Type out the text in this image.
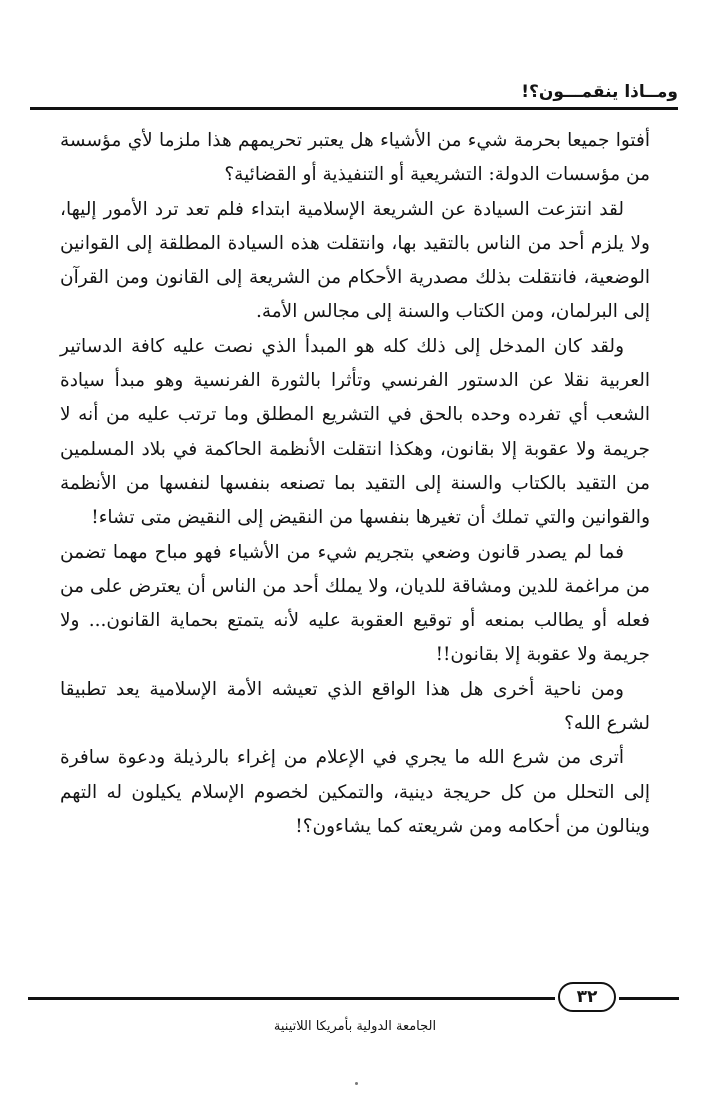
ومــاذا ينقمـــون؟!

أفتوا جميعا بحرمة شيء من الأشياء هل يعتبر تحريمهم هذا ملزما لأي مؤسسة من مؤسسات الدولة: التشريعية أو التنفيذية أو القضائية؟

لقد انتزعت السيادة عن الشريعة الإسلامية ابتداء فلم تعد ترد الأمور إليها، ولا يلزم أحد من الناس بالتقيد بها، وانتقلت هذه السيادة المطلقة إلى القوانين الوضعية، فانتقلت بذلك مصدرية الأحكام من الشريعة إلى القانون ومن القرآن إلى البرلمان، ومن الكتاب والسنة إلى مجالس الأمة.

ولقد كان المدخل إلى ذلك كله هو المبدأ الذي نصت عليه كافة الدساتير العربية نقلا عن الدستور الفرنسي وتأثرا بالثورة الفرنسية وهو مبدأ سيادة الشعب أي تفرده وحده بالحق في التشريع المطلق وما ترتب عليه من أنه لا جريمة ولا عقوبة إلا بقانون، وهكذا انتقلت الأنظمة الحاكمة في بلاد المسلمين من التقيد بالكتاب والسنة إلى التقيد بما تصنعه بنفسها لنفسها من الأنظمة والقوانين والتي تملك أن تغيرها بنفسها من النقيض إلى النقيض متى تشاء!

فما لم يصدر قانون وضعي بتجريم شيء من الأشياء فهو مباح مهما تضمن من مراغمة للدين ومشاقة للديان، ولا يملك أحد من الناس أن يعترض على من فعله أو يطالب بمنعه أو توقيع العقوبة عليه لأنه يتمتع بحماية القانون... ولا جريمة ولا عقوبة إلا بقانون!!

ومن ناحية أخرى هل هذا الواقع الذي تعيشه الأمة الإسلامية يعد تطبيقا لشرع الله؟

أترى من شرع الله ما يجري في الإعلام من إغراء بالرذيلة ودعوة سافرة إلى التحلل من كل حريجة دينية، والتمكين لخصوم الإسلام يكيلون له التهم وينالون من أحكامه ومن شريعته كما يشاءون؟!

٣٢
الجامعة الدولية بأمريكا اللاتينية
